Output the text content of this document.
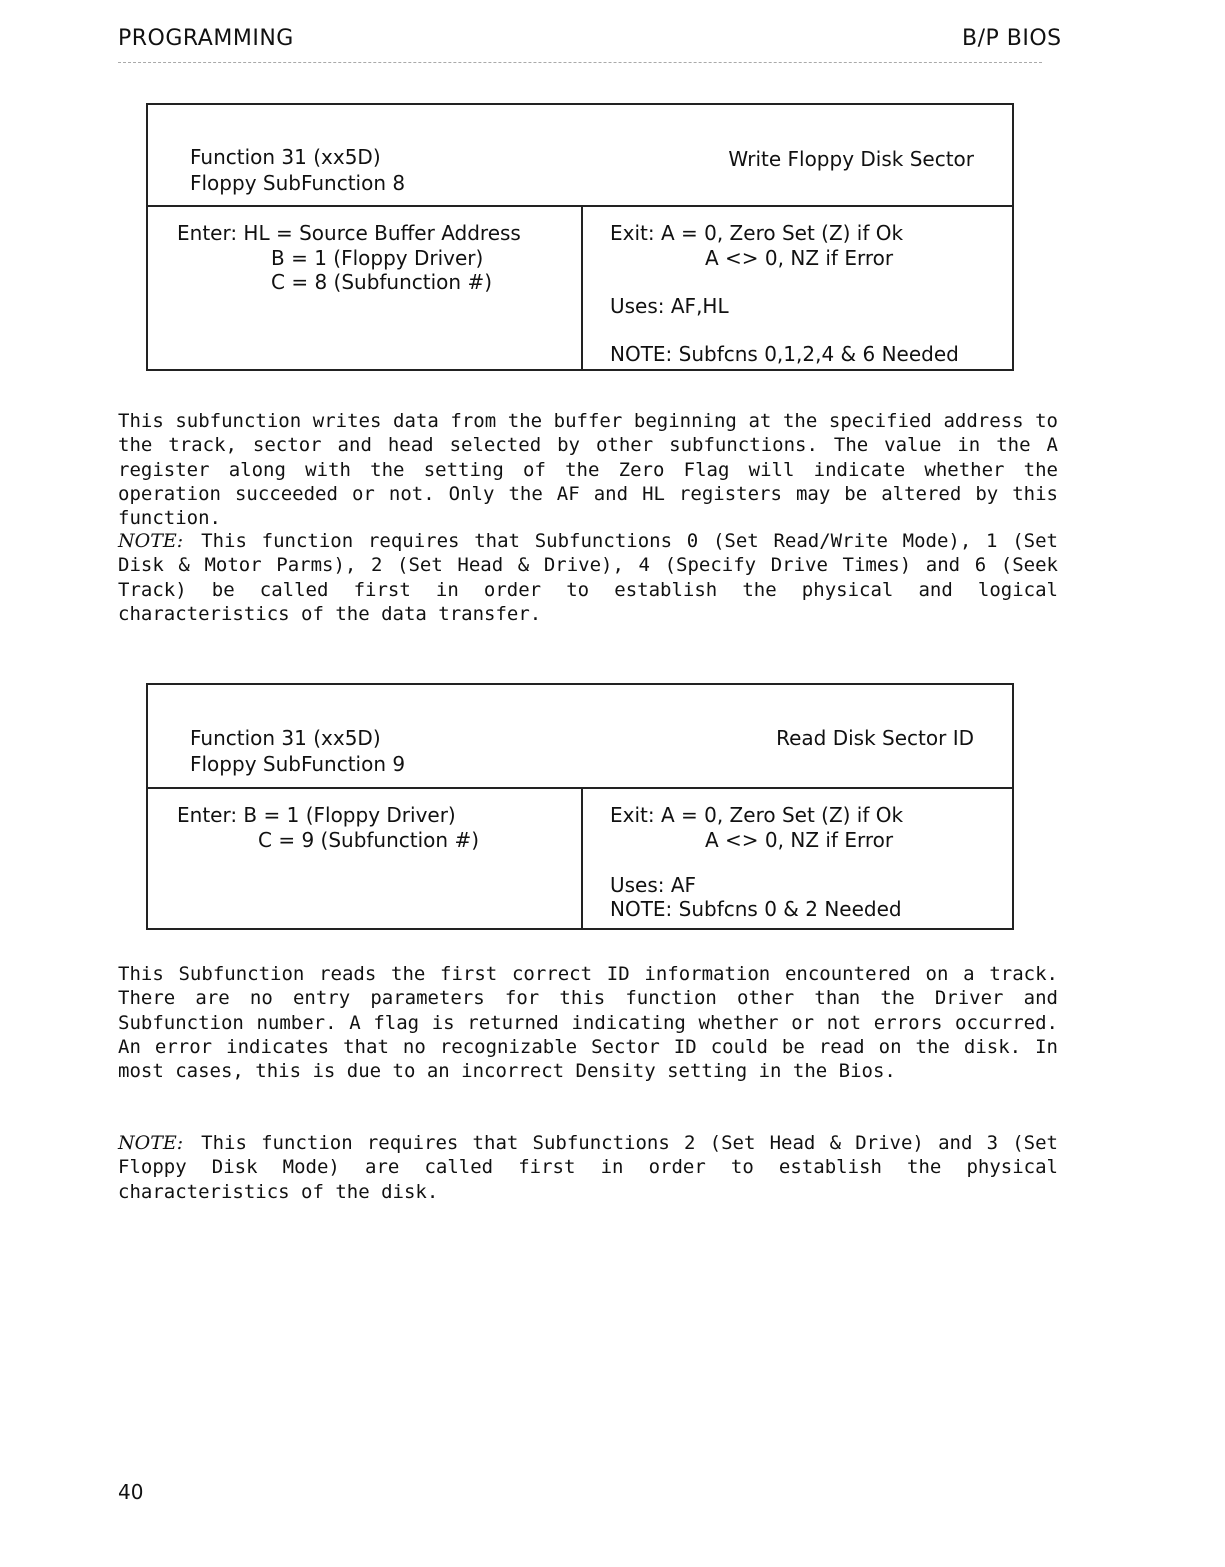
PROGRAMMING	B/P BIOS
Function 31 (xx5D)
Floppy SubFunction 8
Write Floppy Disk Sector
Enter: HL = Source Buffer Address
B = 1 (Floppy Driver)
C = 8 (Subfunction #)
Exit: A = 0, Zero Set (Z) if Ok
A <> 0, NZ if Error
Uses: AF,HL
NOTE: Subfcns 0,1,2,4 & 6 Needed
This subfunction writes data from the buffer beginning at the specified address to the track, sector and head selected by other subfunctions. The value in the A register along with the setting of the Zero Flag will indicate whether the operation succeeded or not. Only the AF and HL registers may be altered by this function.
NOTE: This function requires that Subfunctions 0 (Set Read/Write Mode), 1 (Set Disk & Motor Parms), 2 (Set Head & Drive), 4 (Specify Drive Times) and 6 (Seek Track) be called first in order to establish the physical and logical characteristics of the data transfer.
Function 31 (xx5D)
Floppy SubFunction 9
Read Disk Sector ID
Enter: B = 1 (Floppy Driver)
C = 9 (Subfunction #)
Exit: A = 0, Zero Set (Z) if Ok
A <> 0, NZ if Error
Uses: AF
NOTE: Subfcns 0 & 2 Needed
This Subfunction reads the first correct ID information encountered on a track. There are no entry parameters for this function other than the Driver and Subfunction number. A flag is returned indicating whether or not errors occurred. An error indicates that no recognizable Sector ID could be read on the disk. In most cases, this is due to an incorrect Density setting in the Bios.
NOTE: This function requires that Subfunctions 2 (Set Head & Drive) and 3 (Set Floppy Disk Mode) are called first in order to establish the physical characteristics of the disk.
40
